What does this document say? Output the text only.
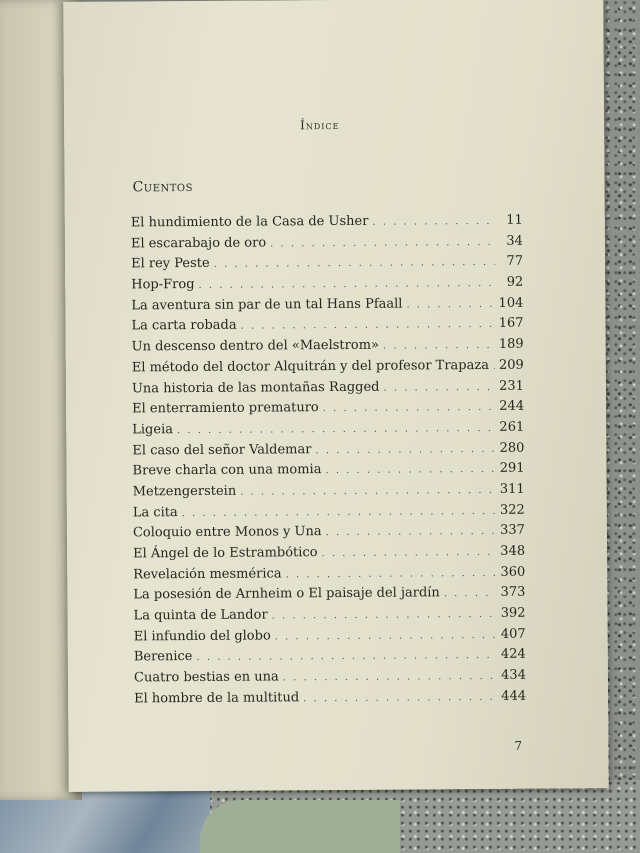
Índice
Cuentos
El hundimiento de la Casa de Usher . . .	11
El escarabajo de oro . . .	34
El rey Peste . . .	77
Hop-Frog . . .	92
La aventura sin par de un tal Hans Pfaall . . .	104
La carta robada . . .	167
Un descenso dentro del «Maelstrom» . . .	189
El método del doctor Alquitrán y del profesor Trapaza . . . 209
Una historia de las montañas Ragged . . .	231
El enterramiento prematuro . . .	244
Ligeia . . .	261
El caso del señor Valdemar . . .	280
Breve charla con una momia . . .	291
Metzengerstein . . .	311
La cita . . .	322
Coloquio entre Monos y Una . . .	337
El Ángel de lo Estrambótico . . .	348
Revelación mesmérica . . .	360
La posesión de Arnheim o El paisaje del jardín . . .	373
La quinta de Landor . . .	392
El infundio del globo . . .	407
Berenice . . .	424
Cuatro bestias en una . . .	434
El hombre de la multitud . . .	444
7
